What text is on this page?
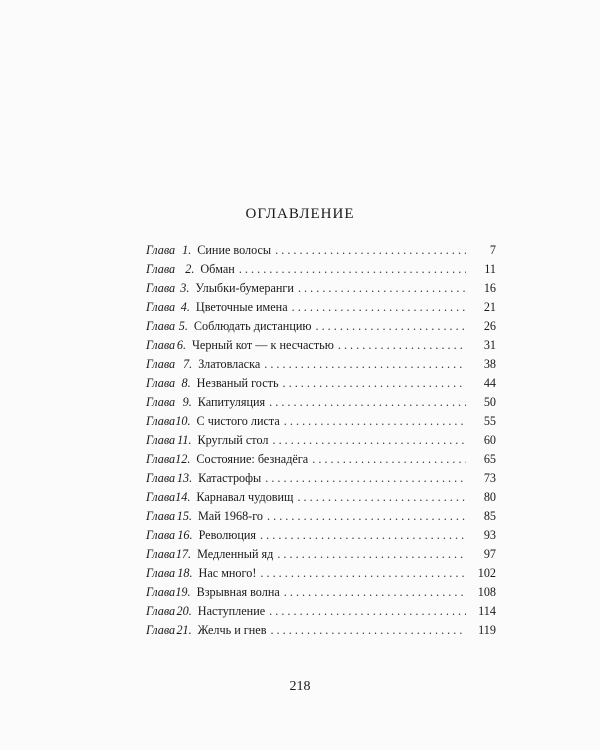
ОГЛАВЛЕНИЕ
Глава 1. Синие волосы . . .	7
Глава 2. Обман . . .	11
Глава 3. Улыбки-бумеранги . . .	16
Глава 4. Цветочные имена . . .	21
Глава 5. Соблюдать дистанцию . . .	26
Глава 6. Черный кот — к несчастью . . .	31
Глава 7. Златовласка . . .	38
Глава 8. Незваный гость . . .	44
Глава 9. Капитуляция . . .	50
Глава 10. С чистого листа . . .	55
Глава 11. Круглый стол . . .	60
Глава 12. Состояние: безнадёга . . .	65
Глава 13. Катастрофы . . .	73
Глава 14. Карнавал чудовищ . . .	80
Глава 15. Май 1968-го . . .	85
Глава 16. Революция . . .	93
Глава 17. Медленный яд . . .	97
Глава 18. Нас много! . . .	102
Глава 19. Взрывная волна . . .	108
Глава 20. Наступление . . .	114
Глава 21. Желчь и гнев . . .	119
218
